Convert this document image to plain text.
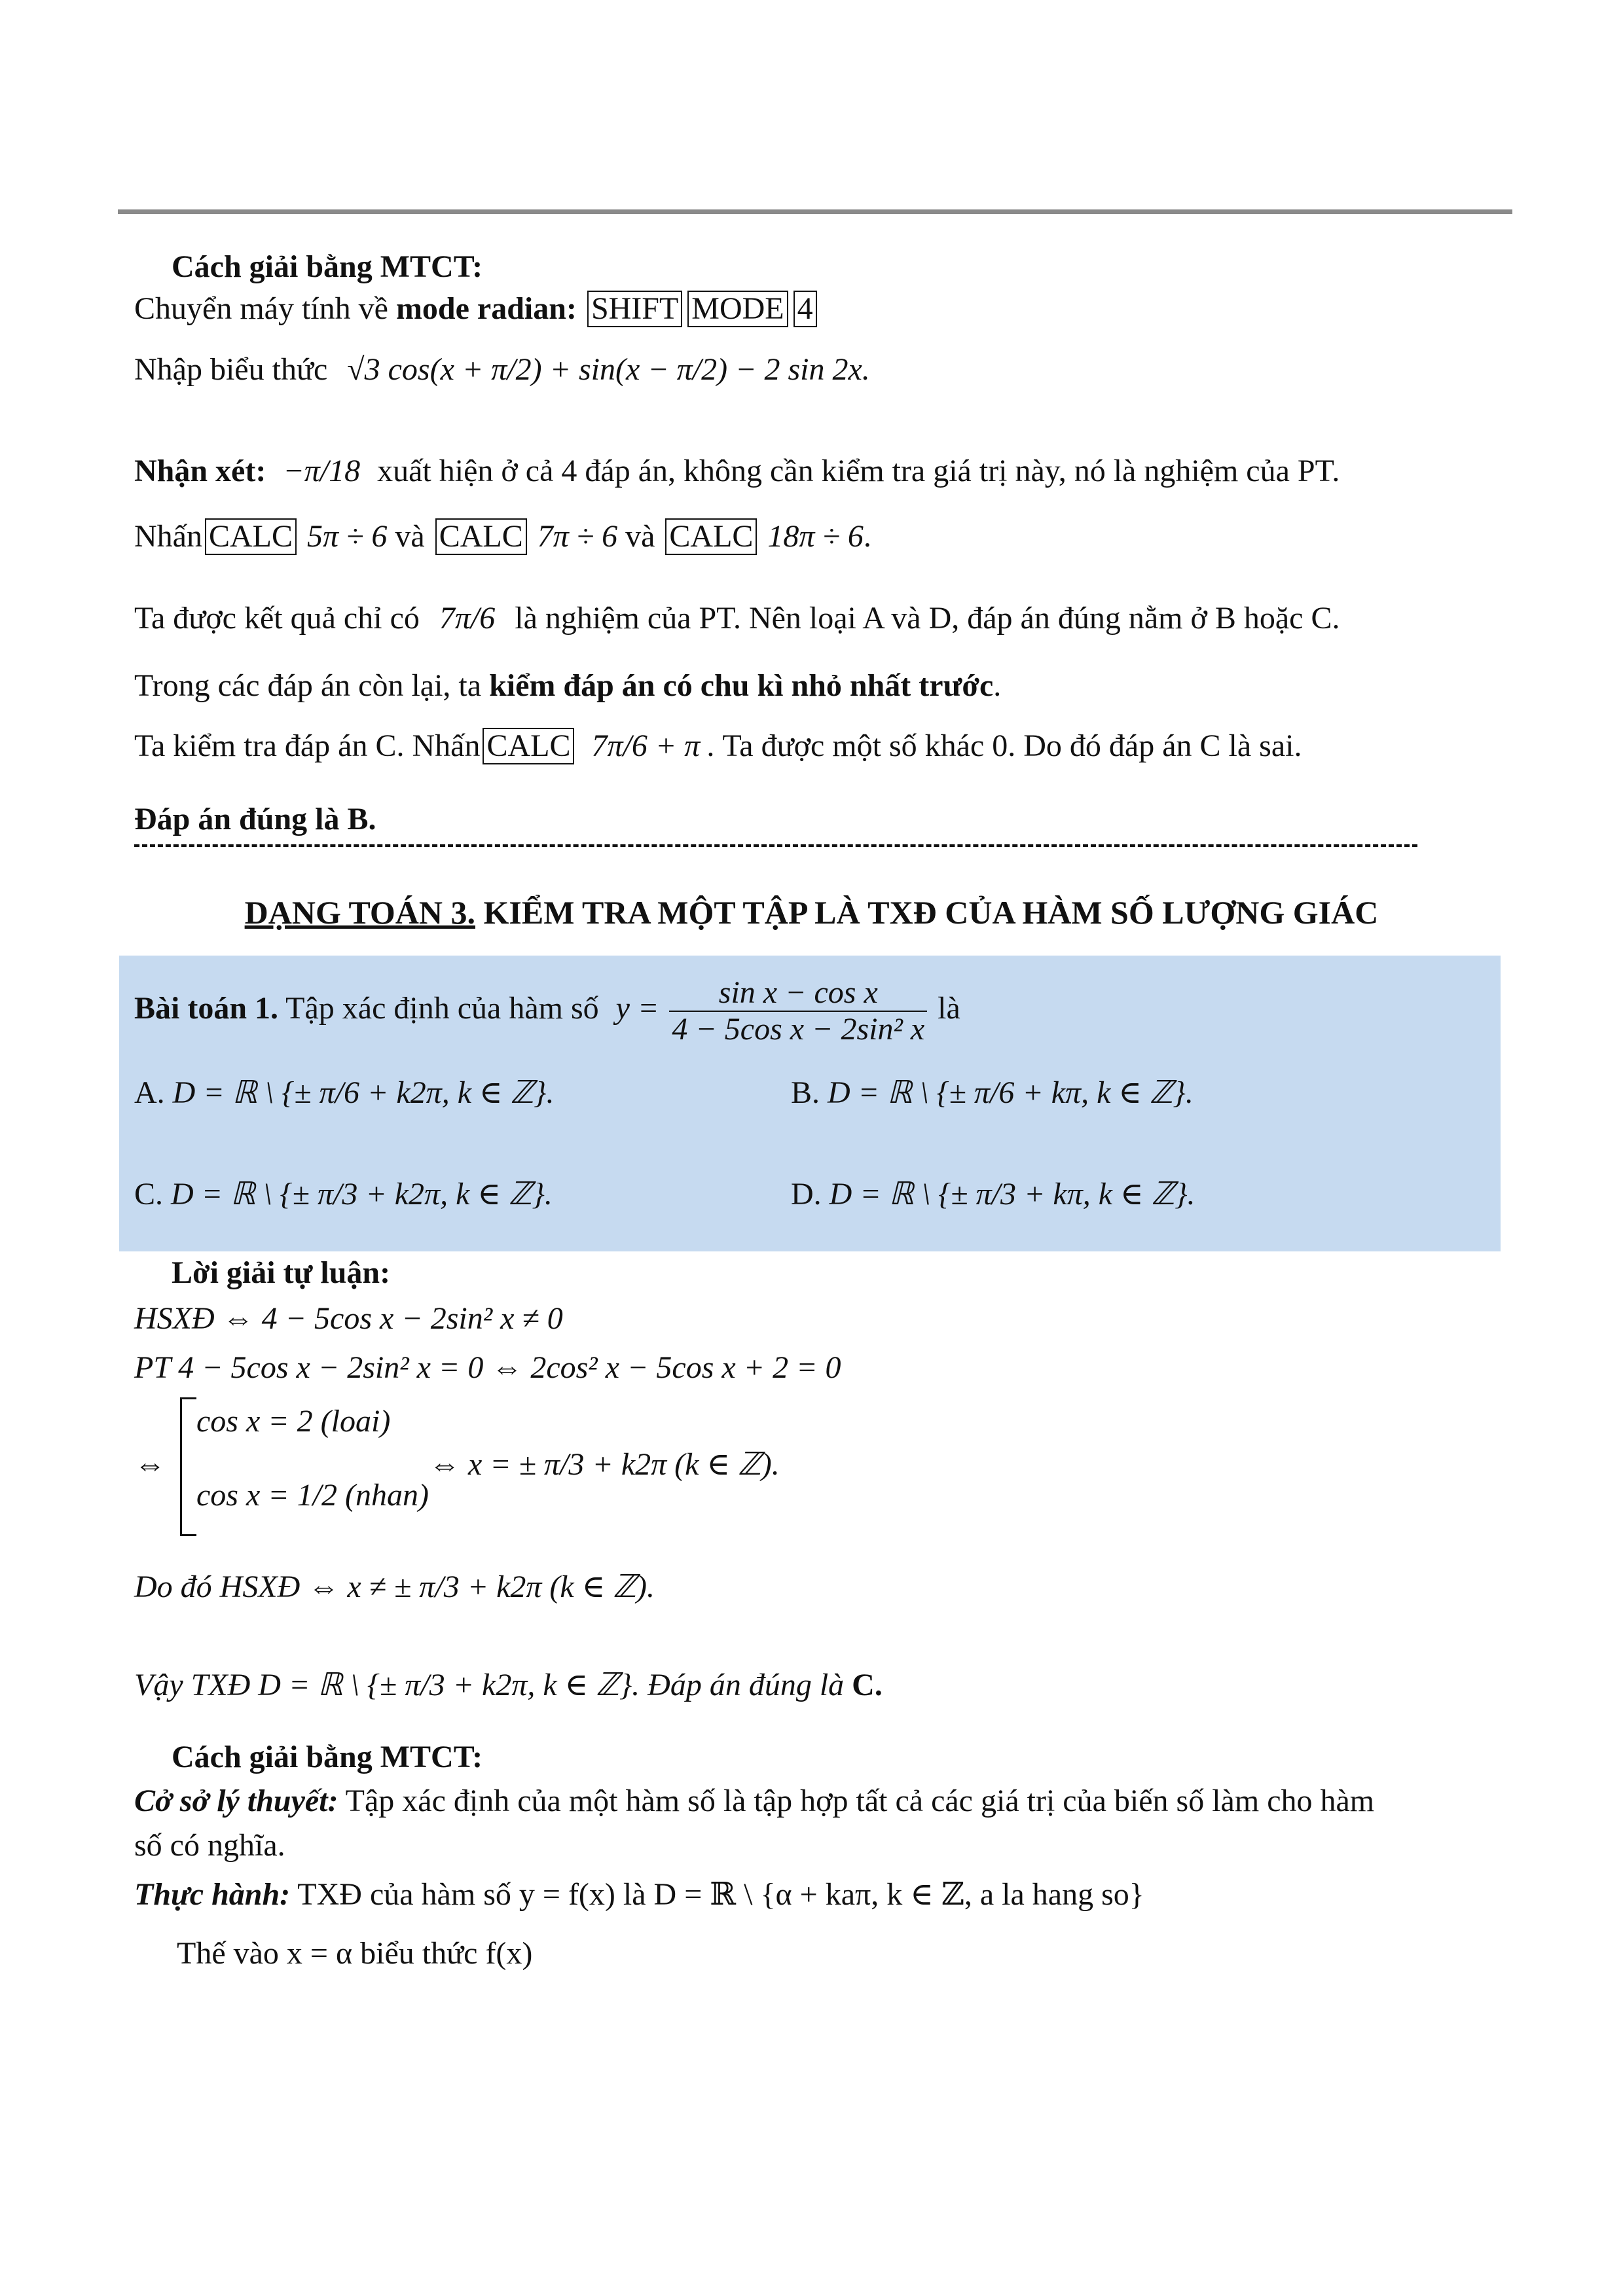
Cách giải bằng MTCT:
Chuyển máy tính về mode radian: SHIFT MODE 4
Nhập biểu thức √3 cos(x + π/2) + sin(x − π/2) − 2 sin 2x.
Nhận xét: −π/18 xuất hiện ở cả 4 đáp án, không cần kiểm tra giá trị này, nó là nghiệm của PT.
Nhấn CALC 5π ÷ 6 và CALC 7π ÷ 6 và CALC 18π ÷ 6.
Ta được kết quả chỉ có 7π/6 là nghiệm của PT. Nên loại A và D, đáp án đúng nằm ở B hoặc C.
Trong các đáp án còn lại, ta kiểm đáp án có chu kì nhỏ nhất trước.
Ta kiểm tra đáp án C. Nhấn CALC 7π/6 + π . Ta được một số khác 0. Do đó đáp án C là sai.
Đáp án đúng là B.
DẠNG TOÁN 3. KIỂM TRA MỘT TẬP LÀ TXĐ CỦA HÀM SỐ LƯỢNG GIÁC
Bài toán 1. Tập xác định của hàm số $y = \frac{\text{sin x − cos x}}{\text{4 − 5cos x − 2sin² x}}$ là
A. D = ℝ \ {± π/6 + k2π, k ∈ ℤ}.	B. D = ℝ \ {± π/6 + kπ, k ∈ ℤ}.
C. D = ℝ \ {± π/3 + k2π, k ∈ ℤ}.	D. D = ℝ \ {± π/3 + kπ, k ∈ ℤ}.
Lời giải tự luận:
HSXĐ ⇔ 4 − 5cos x − 2sin² x ≠ 0
PT 4 − 5cos x − 2sin² x = 0 ⇔ 2cos² x − 5cos x + 2 = 0
⇔
cos x = 2 (loai)
cos x = 1/2 (nhan)
⇔ x = ± π/3 + k2π (k ∈ ℤ).
Do đó HSXĐ ⇔ x ≠ ± π/3 + k2π (k ∈ ℤ).
Vậy TXĐ D = ℝ \ {± π/3 + k2π, k ∈ ℤ}. Đáp án đúng là C.
Cách giải bằng MTCT:
Cở sở lý thuyết: Tập xác định của một hàm số là tập hợp tất cả các giá trị của biến số làm cho hàm
số có nghĩa.
Thực hành: TXĐ của hàm số y = f(x) là D = ℝ \ {α + kaπ, k ∈ ℤ, a la hang so}
Thế vào x = α biểu thức f(x)
